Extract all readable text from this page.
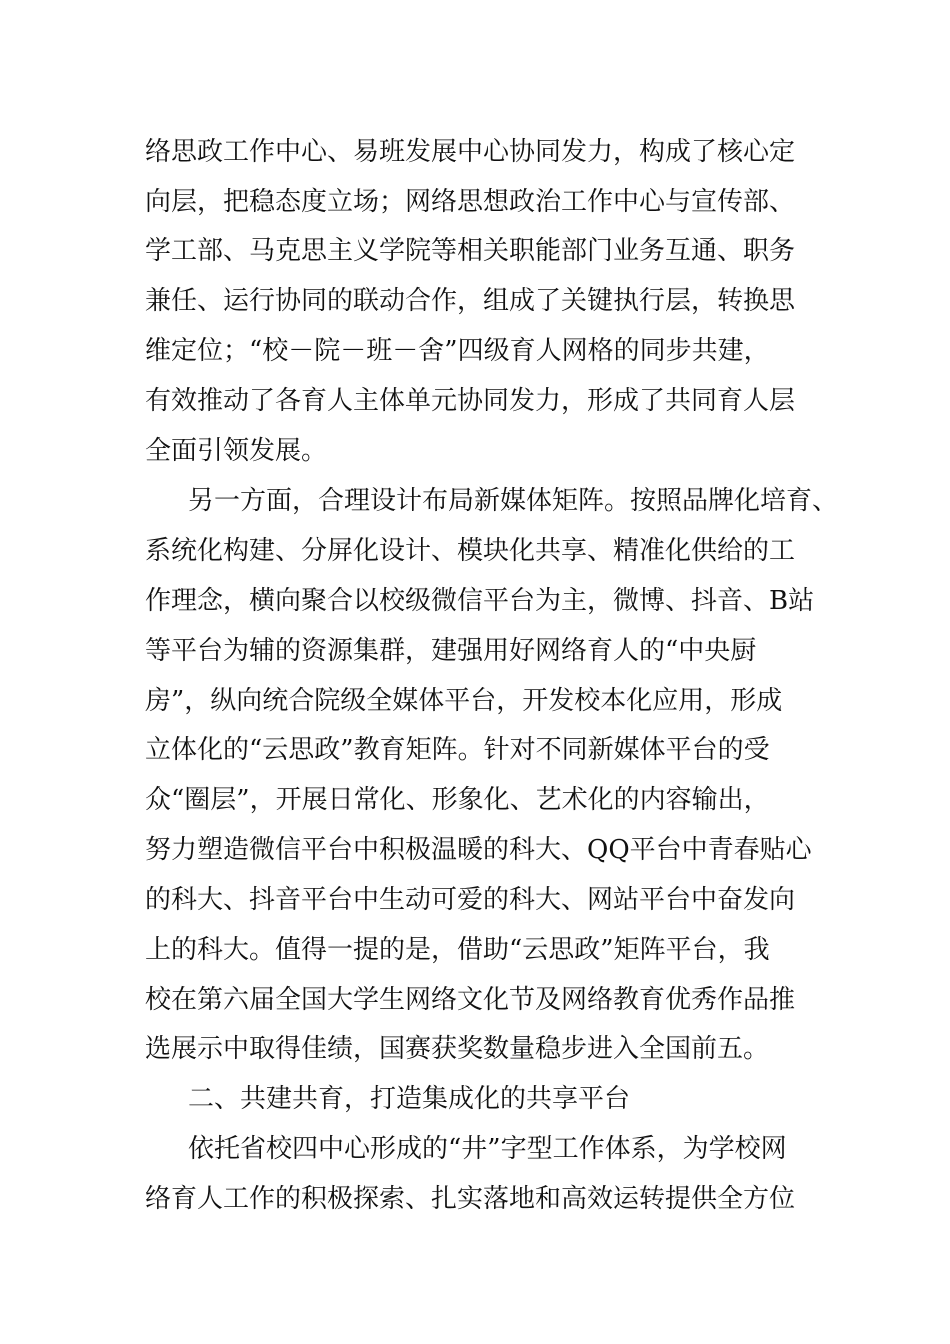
络思政工作中心、易班发展中心协同发力，构成了核心定

向层，把稳态度立场；网络思想政治工作中心与宣传部、

学工部、马克思主义学院等相关职能部门业务互通、职务

兼任、运行协同的联动合作，组成了关键执行层，转换思

维定位；“校－院－班－舍”四级育人网格的同步共建，

有效推动了各育人主体单元协同发力，形成了共同育人层

全面引领发展。

另一方面，合理设计布局新媒体矩阵。按照品牌化培育、

系统化构建、分屏化设计、模块化共享、精准化供给的工

作理念，横向聚合以校级微信平台为主，微博、抖音、B站

等平台为辅的资源集群，建强用好网络育人的“中央厨

房”，纵向统合院级全媒体平台，开发校本化应用，形成

立体化的“云思政”教育矩阵。针对不同新媒体平台的受

众“圈层”，开展日常化、形象化、艺术化的内容输出，

努力塑造微信平台中积极温暖的科大、QQ平台中青春贴心

的科大、抖音平台中生动可爱的科大、网站平台中奋发向

上的科大。值得一提的是，借助“云思政”矩阵平台，我

校在第六届全国大学生网络文化节及网络教育优秀作品推

选展示中取得佳绩，国赛获奖数量稳步进入全国前五。

二、共建共育，打造集成化的共享平台

依托省校四中心形成的“井”字型工作体系，为学校网

络育人工作的积极探索、扎实落地和高效运转提供全方位
